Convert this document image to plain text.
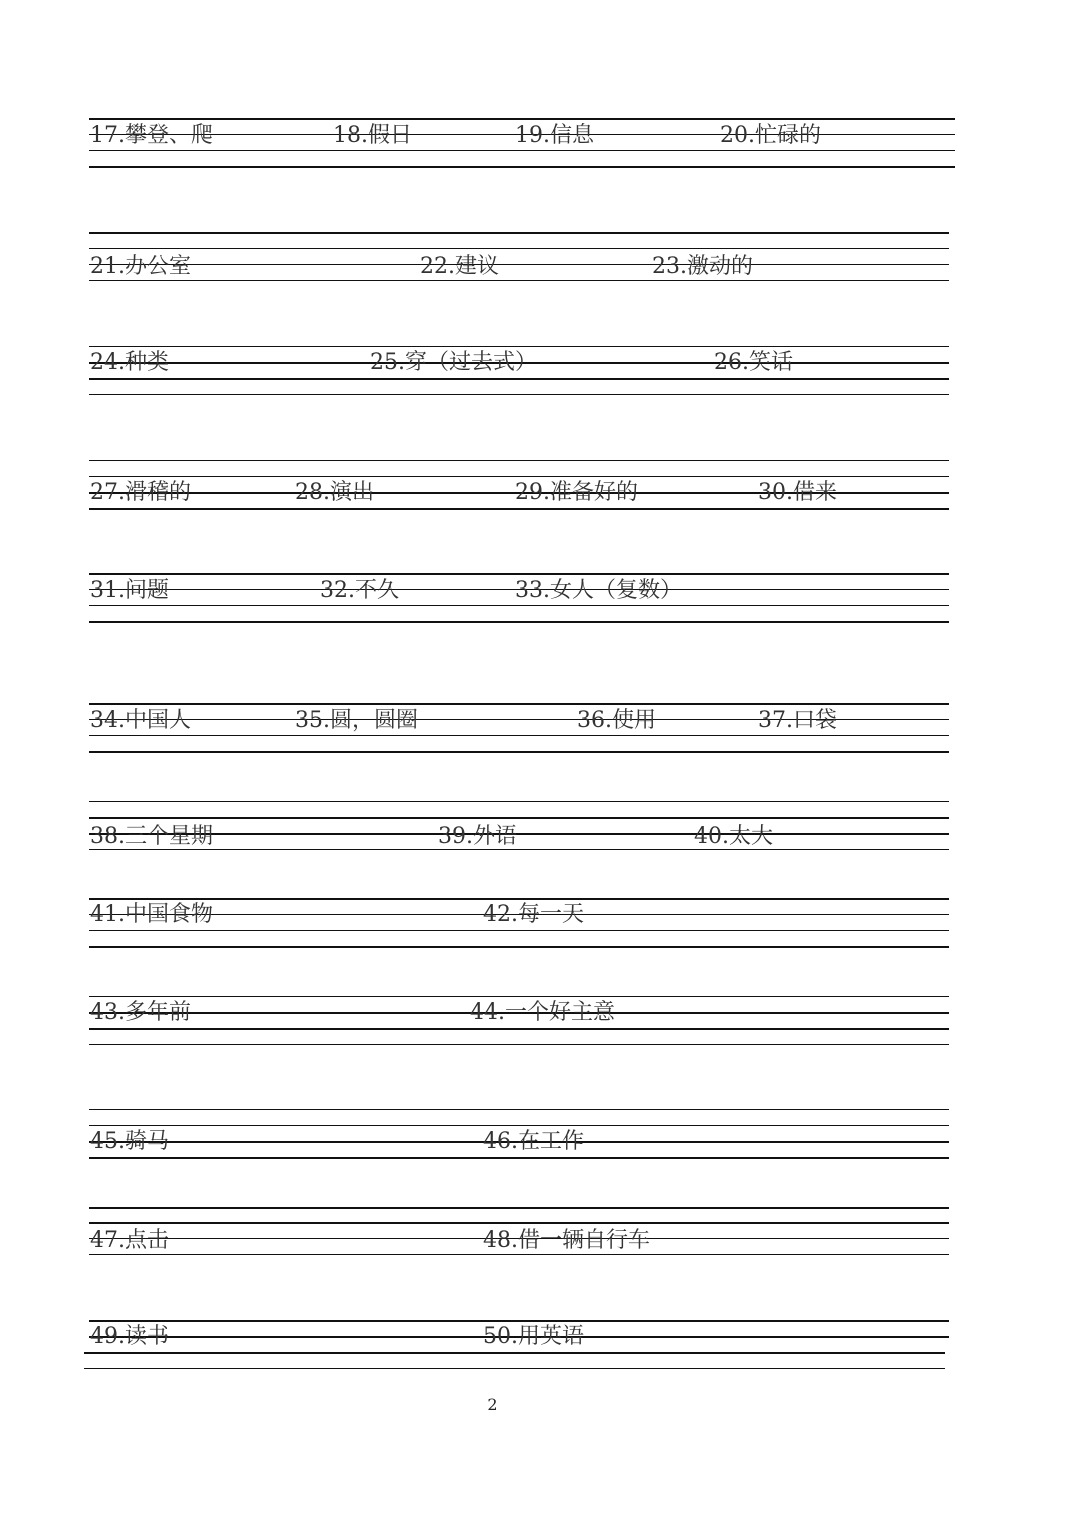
17.攀登、爬	18.假日	19.信息	20.忙碌的
21.办公室	22.建议	23.激动的
24.种类	25.穿（过去式）	26.笑话
27.滑稽的	28.演出	29.准备好的	30.借来
31.问题	32.不久	33.女人（复数）
34.中国人	35.圆，圆圈	36.使用	37.口袋
38.三个星期	39.外语	40.太大
41.中国食物	42.每一天
43.多年前	44.一个好主意
45.骑马	46.在工作
47.点击	48.借一辆自行车
49.读书	50.用英语
2
